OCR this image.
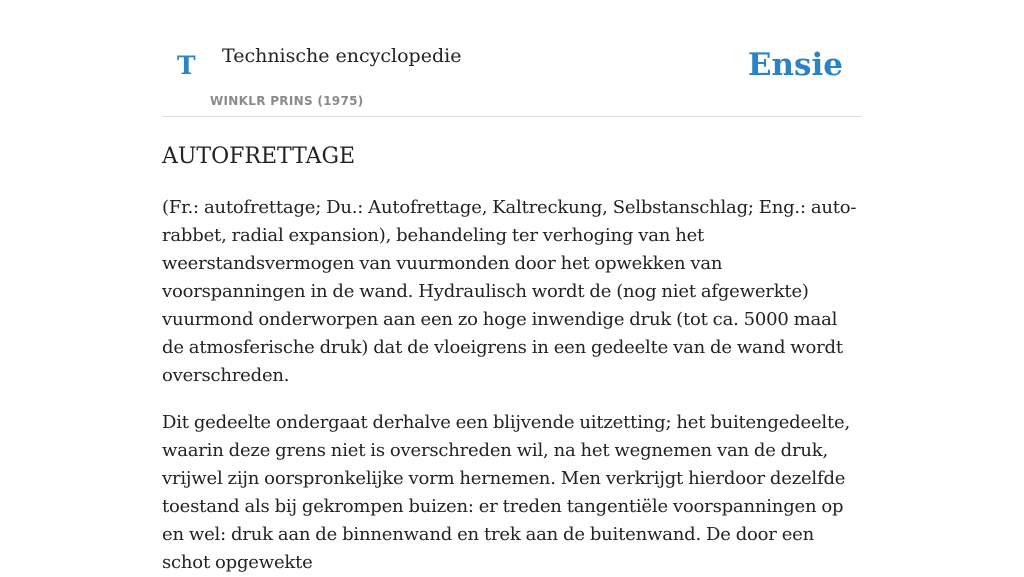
T Technische encyclopedie
WINKLR PRINS (1975)
Ensie
AUTOFRETTAGE

(Fr.: autofrettage; Du.: Autofrettage, Kaltreckung, Selbstanschlag; Eng.: auto-rabbet, radial expansion), behandeling ter verhoging van het weerstandsvermogen van vuurmonden door het opwekken van voorspanningen in de wand. Hydraulisch wordt de (nog niet afgewerkte) vuurmond onderworpen aan een zo hoge inwendige druk (tot ca. 5000 maal de atmosferische druk) dat de vloeigrens in een gedeelte van de wand wordt overschreden.

Dit gedeelte ondergaat derhalve een blijvende uitzetting; het buitengedeelte, waarin deze grens niet is overschreden wil, na het wegnemen van de druk, vrijwel zijn oorspronkelijke vorm hernemen. Men verkrijgt hierdoor dezelfde toestand als bij gekrompen buizen: er treden tangentiële voorspanningen op en wel: druk aan de binnenwand en trek aan de buitenwand. De door een schot opgewekte
